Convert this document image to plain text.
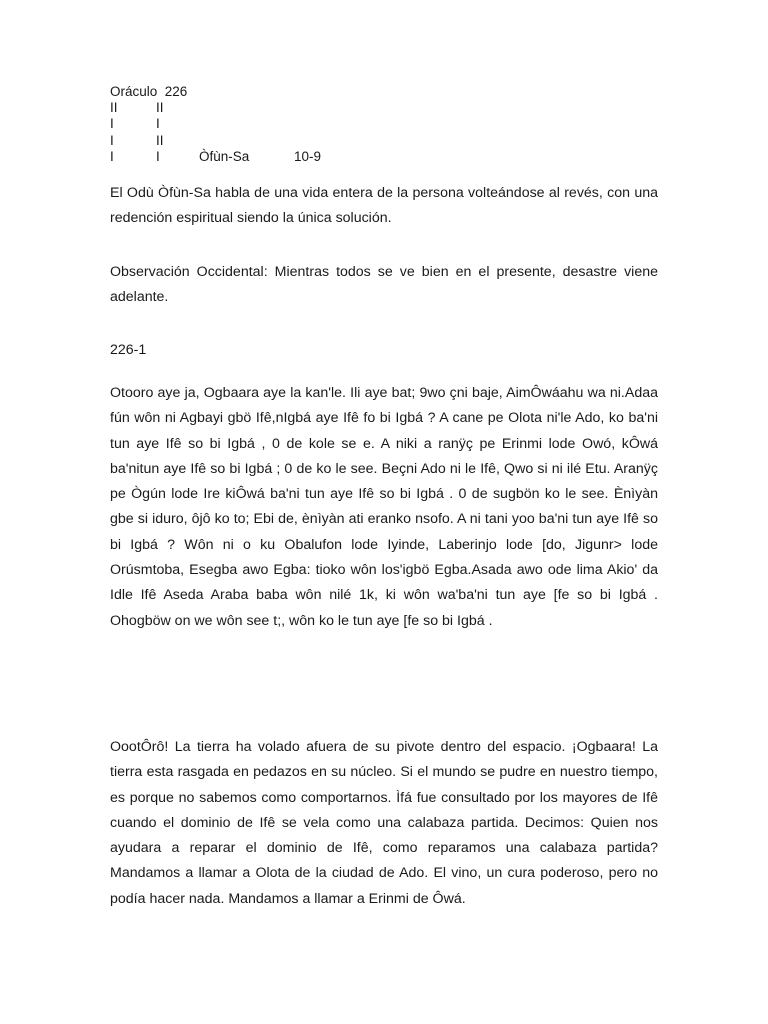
Oráculo  226
II	II
I	I
I	II
I	I	Òfùn-Sa	10-9

El Odù Òfùn-Sa habla de una vida entera de la persona volteándose al revés, con una redención espiritual siendo la única solución.

Observación Occidental: Mientras todos se ve bien en el presente, desastre viene adelante.

226-1

Otooro aye ja, Ogbaara aye la kan'le. Ili aye bat; 9wo çni baje, AimÔwáahu wa ni.Adaa fún wôn ni Agbayi gbö Ifê,nIgbá aye Ifê fo bi Igbá ? A cane pe Olota ni'le Ado, ko ba'ni tun aye Ifê so bi Igbá , 0 de kole se e. A niki a ranÿç pe Erinmi lode Owó, kÔwá ba'nitun aye Ifê so bi Igbá ; 0 de ko le see. Beçni Ado ni le Ifê, Qwo si ni ilé Etu. Aranÿç pe Ògún lode Ire kiÔwá ba'ni tun aye Ifê so bi Igbá . 0 de sugbön ko le see. Ènìyàn gbe si iduro, ôjô ko to; Ebi de, ènìyàn ati eranko nsofo. A ni tani yoo ba'ni tun aye Ifê so bi Igbá ? Wôn ni o ku Obalufon lode Iyinde, Laberinjo lode [do, Jigunr> lode Orúsmtoba, Esegba awo Egba: tioko wôn los'igbö Egba.Asada awo ode lima Akio' da Idle Ifê Aseda Araba baba wôn nilé 1k, ki wôn wa'ba'ni tun aye [fe so bi Igbá . Ohogböw on we wôn see t;, wôn ko le tun aye [fe so bi Igbá .

OootÔrô! La tierra ha volado afuera de su pivote dentro del espacio. ¡Ogbaara! La tierra esta rasgada en pedazos en su núcleo. Si el mundo se pudre en nuestro tiempo, es porque no sabemos como comportarnos. Ìfá fue consultado por los mayores de Ifê cuando el dominio de Ifê se vela como una calabaza partida. Decimos: Quien nos ayudara a reparar el dominio de Ifê, como reparamos una calabaza partida? Mandamos a llamar a Olota de la ciudad de Ado. El vino, un cura poderoso, pero no podía hacer nada. Mandamos a llamar a Erinmi de Ôwá.
